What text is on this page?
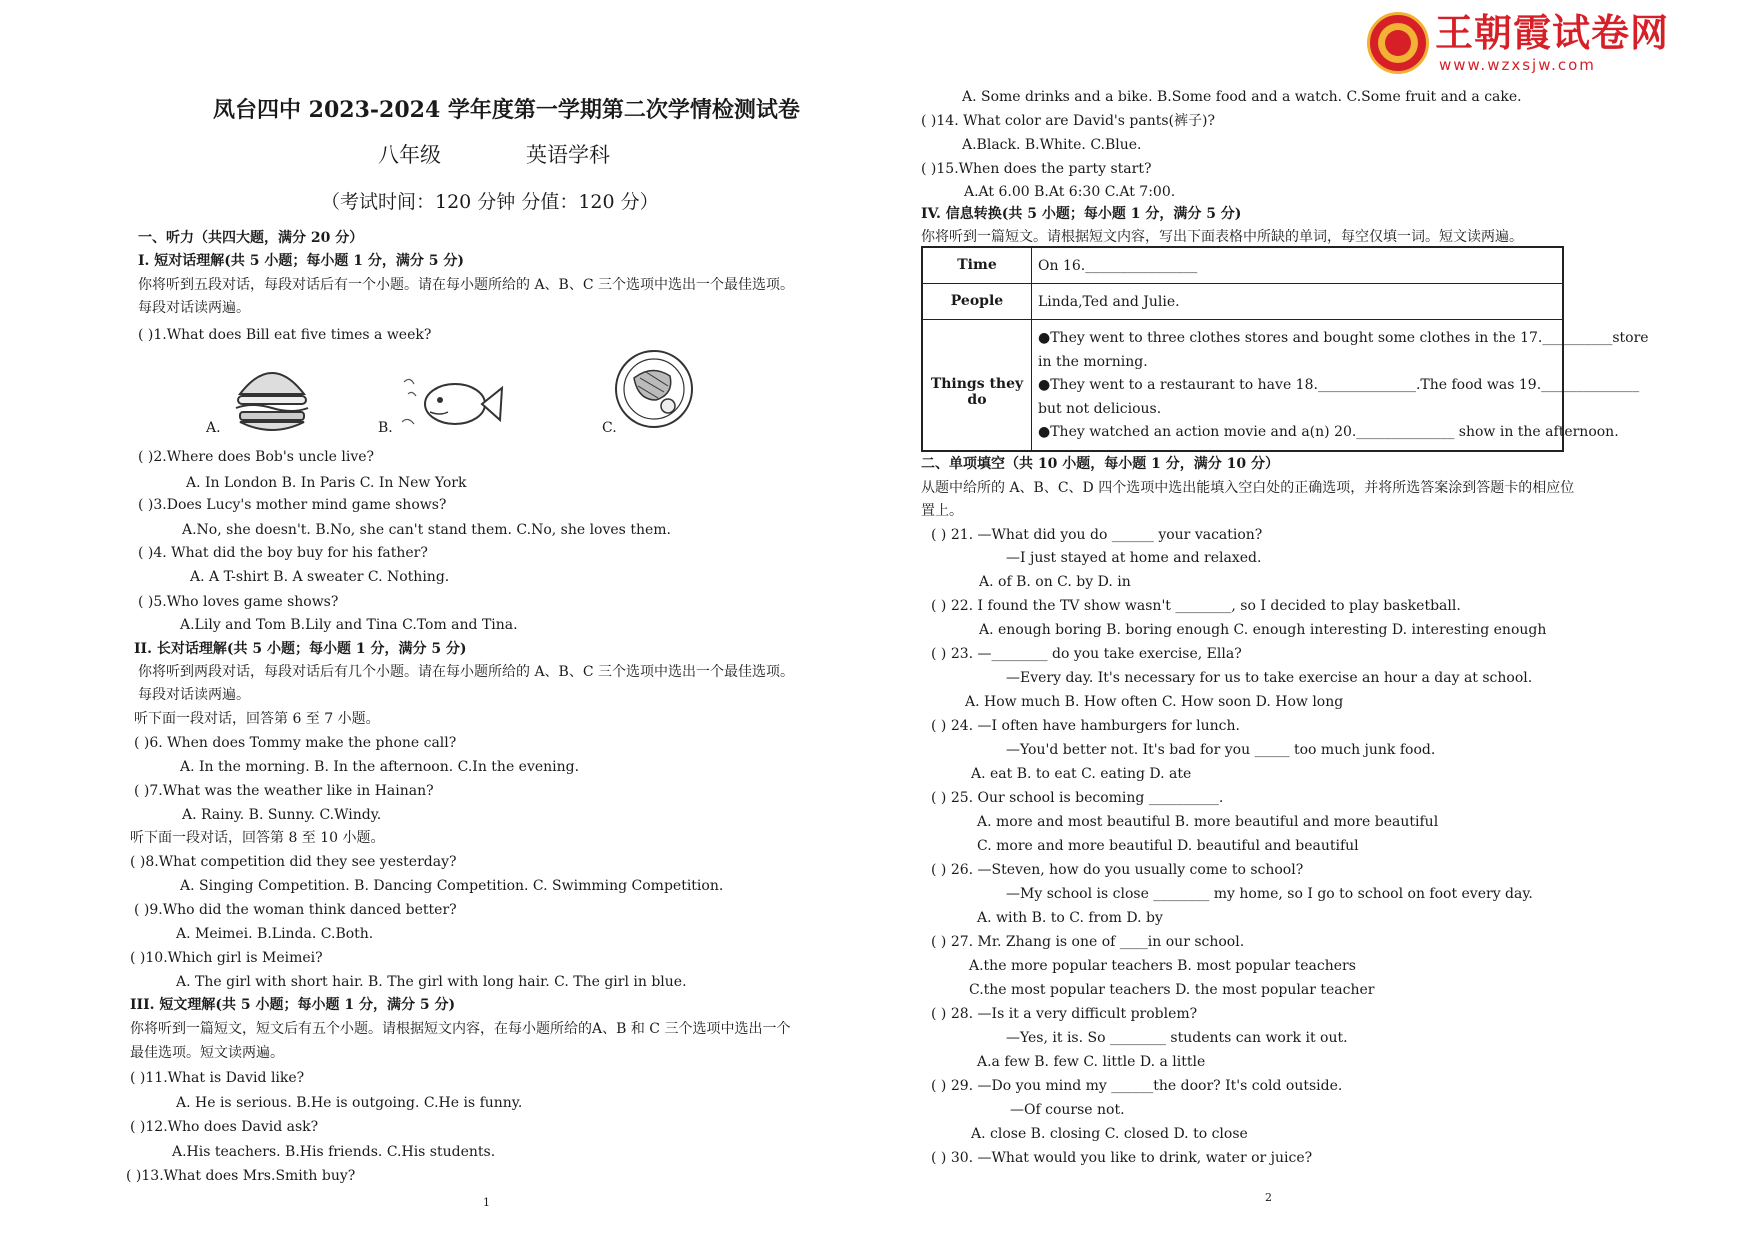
王朝霞试卷网
www.wzxsjw.com
凤台四中 2023-2024 学年度第一学期第二次学情检测试卷
八年级	英语学科
（考试时间：120 分钟 分值：120 分）
一、听力（共四大题，满分 20 分）
I. 短对话理解(共 5 小题；每小题 1 分，满分 5 分)
你将听到五段对话，每段对话后有一个小题。请在每小题所给的 A、B、C 三个选项中选出一个最佳选项。
每段对话读两遍。
( )1.What does Bill eat five times a week?
A.	B.	C.
( )2.Where does Bob's uncle live?
A. In London B. In Paris C. In New York
( )3.Does Lucy's mother mind game shows?
A.No, she doesn't. B.No, she can't stand them. C.No, she loves them.
( )4. What did the boy buy for his father?
A. A T-shirt B. A sweater C. Nothing.
( )5.Who loves game shows?
A.Lily and Tom B.Lily and Tina C.Tom and Tina.
II. 长对话理解(共 5 小题；每小题 1 分，满分 5 分)
你将听到两段对话，每段对话后有几个小题。请在每小题所给的 A、B、C 三个选项中选出一个最佳选项。
每段对话读两遍。
听下面一段对话，回答第 6 至 7 小题。
( )6. When does Tommy make the phone call?
A. In the morning. B. In the afternoon. C.In the evening.
( )7.What was the weather like in Hainan?
A. Rainy. B. Sunny. C.Windy.
听下面一段对话，回答第 8 至 10 小题。
( )8.What competition did they see yesterday?
A. Singing Competition. B. Dancing Competition. C. Swimming Competition.
( )9.Who did the woman think danced better?
A. Meimei. B.Linda. C.Both.
( )10.Which girl is Meimei?
A. The girl with short hair. B. The girl with long hair. C. The girl in blue.
III. 短文理解(共 5 小题；每小题 1 分，满分 5 分)
你将听到一篇短文，短文后有五个小题。请根据短文内容，在每小题所给的A、B 和 C 三个选项中选出一个
最佳选项。短文读两遍。
( )11.What is David like?
A. He is serious. B.He is outgoing. C.He is funny.
( )12.Who does David ask?
A.His teachers. B.His friends. C.His students.
( )13.What does Mrs.Smith buy?
1
A. Some drinks and a bike. B.Some food and a watch. C.Some fruit and a cake.
( )14. What color are David's pants(裤子)?
A.Black. B.White. C.Blue.
( )15.When does the party start?
A.At 6.00 B.At 6:30 C.At 7:00.
IV. 信息转换(共 5 小题；每小题 1 分，满分 5 分)
你将听到一篇短文。请根据短文内容，写出下面表格中所缺的单词，每空仅填一词。短文读两遍。
Time	On 16.________________
People	Linda,Ted and Julie.
Things they do
●They went to three clothes stores and bought some clothes in the 17.__________store
in the morning.
●They went to a restaurant to have 18.______________.The food was 19.______________
but not delicious.
●They watched an action movie and a(n) 20.______________ show in the afternoon.
二、单项填空（共 10 小题，每小题 1 分，满分 10 分）
从题中给所的 A、B、C、D 四个选项中选出能填入空白处的正确选项，并将所选答案涂到答题卡的相应位
置上。
( ) 21. —What did you do ______ your vacation?
—I just stayed at home and relaxed.
A. of B. on C. by D. in
( ) 22. I found the TV show wasn't ________, so I decided to play basketball.
A. enough boring B. boring enough C. enough interesting D. interesting enough
( ) 23. —________ do you take exercise, Ella?
—Every day. It's necessary for us to take exercise an hour a day at school.
A. How much B. How often C. How soon D. How long
( ) 24. —I often have hamburgers for lunch.
—You'd better not. It's bad for you _____ too much junk food.
A. eat B. to eat C. eating D. ate
( ) 25. Our school is becoming __________.
A. more and most beautiful B. more beautiful and more beautiful
C. more and more beautiful D. beautiful and beautiful
( ) 26. —Steven, how do you usually come to school?
—My school is close ________ my home, so I go to school on foot every day.
A. with B. to C. from D. by
( ) 27. Mr. Zhang is one of ____in our school.
A.the more popular teachers B. most popular teachers
C.the most popular teachers D. the most popular teacher
( ) 28. —Is it a very difficult problem?
—Yes, it is. So ________ students can work it out.
A.a few B. few C. little D. a little
( ) 29. —Do you mind my ______the door? It's cold outside.
—Of course not.
A. close B. closing C. closed D. to close
( ) 30. —What would you like to drink, water or juice?
2
